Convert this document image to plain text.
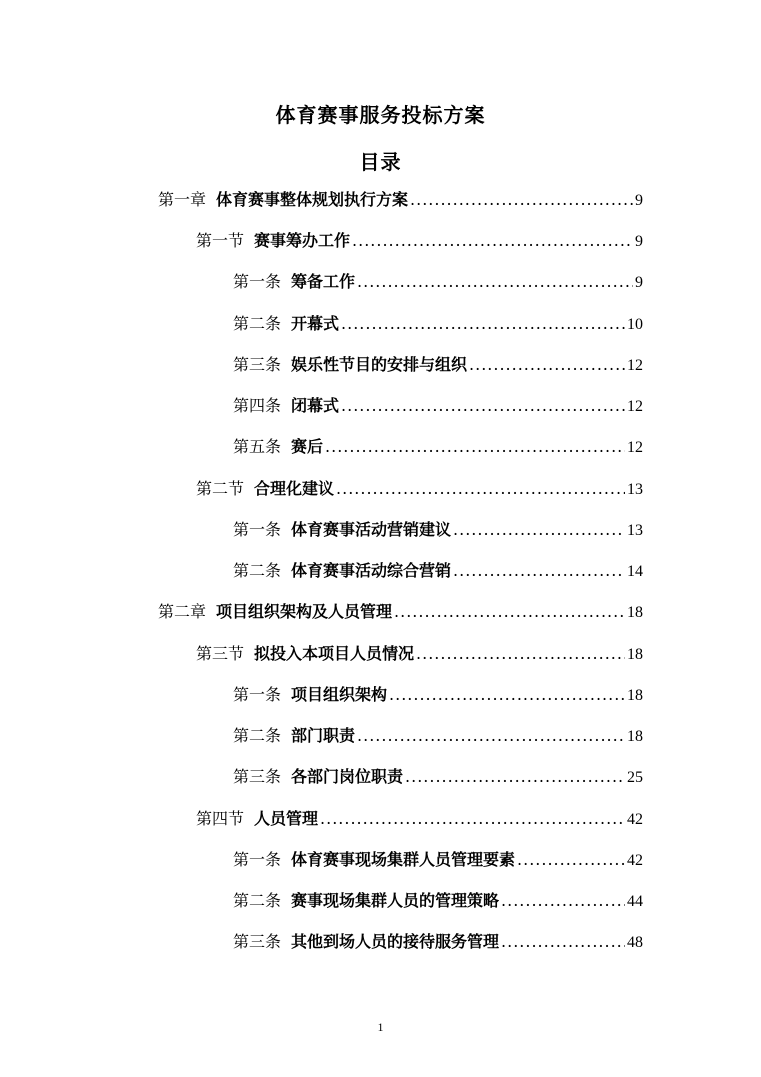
体育赛事服务投标方案
目录
第一章 体育赛事整体规划执行方案 .....	9
第一节 赛事筹办工作 .....	9
第一条 筹备工作 .....	9
第二条 开幕式 .....	10
第三条 娱乐性节目的安排与组织 .....	12
第四条 闭幕式 .....	12
第五条 赛后 .....	12
第二节 合理化建议 .....	13
第一条 体育赛事活动营销建议 .....	13
第二条 体育赛事活动综合营销 .....	14
第二章 项目组织架构及人员管理 .....	18
第三节 拟投入本项目人员情况 .....	18
第一条 项目组织架构 .....	18
第二条 部门职责 .....	18
第三条 各部门岗位职责 .....	25
第四节 人员管理 .....	42
第一条 体育赛事现场集群人员管理要素 .....	42
第二条 赛事现场集群人员的管理策略 .....	44
第三条 其他到场人员的接待服务管理 .....	48
1
